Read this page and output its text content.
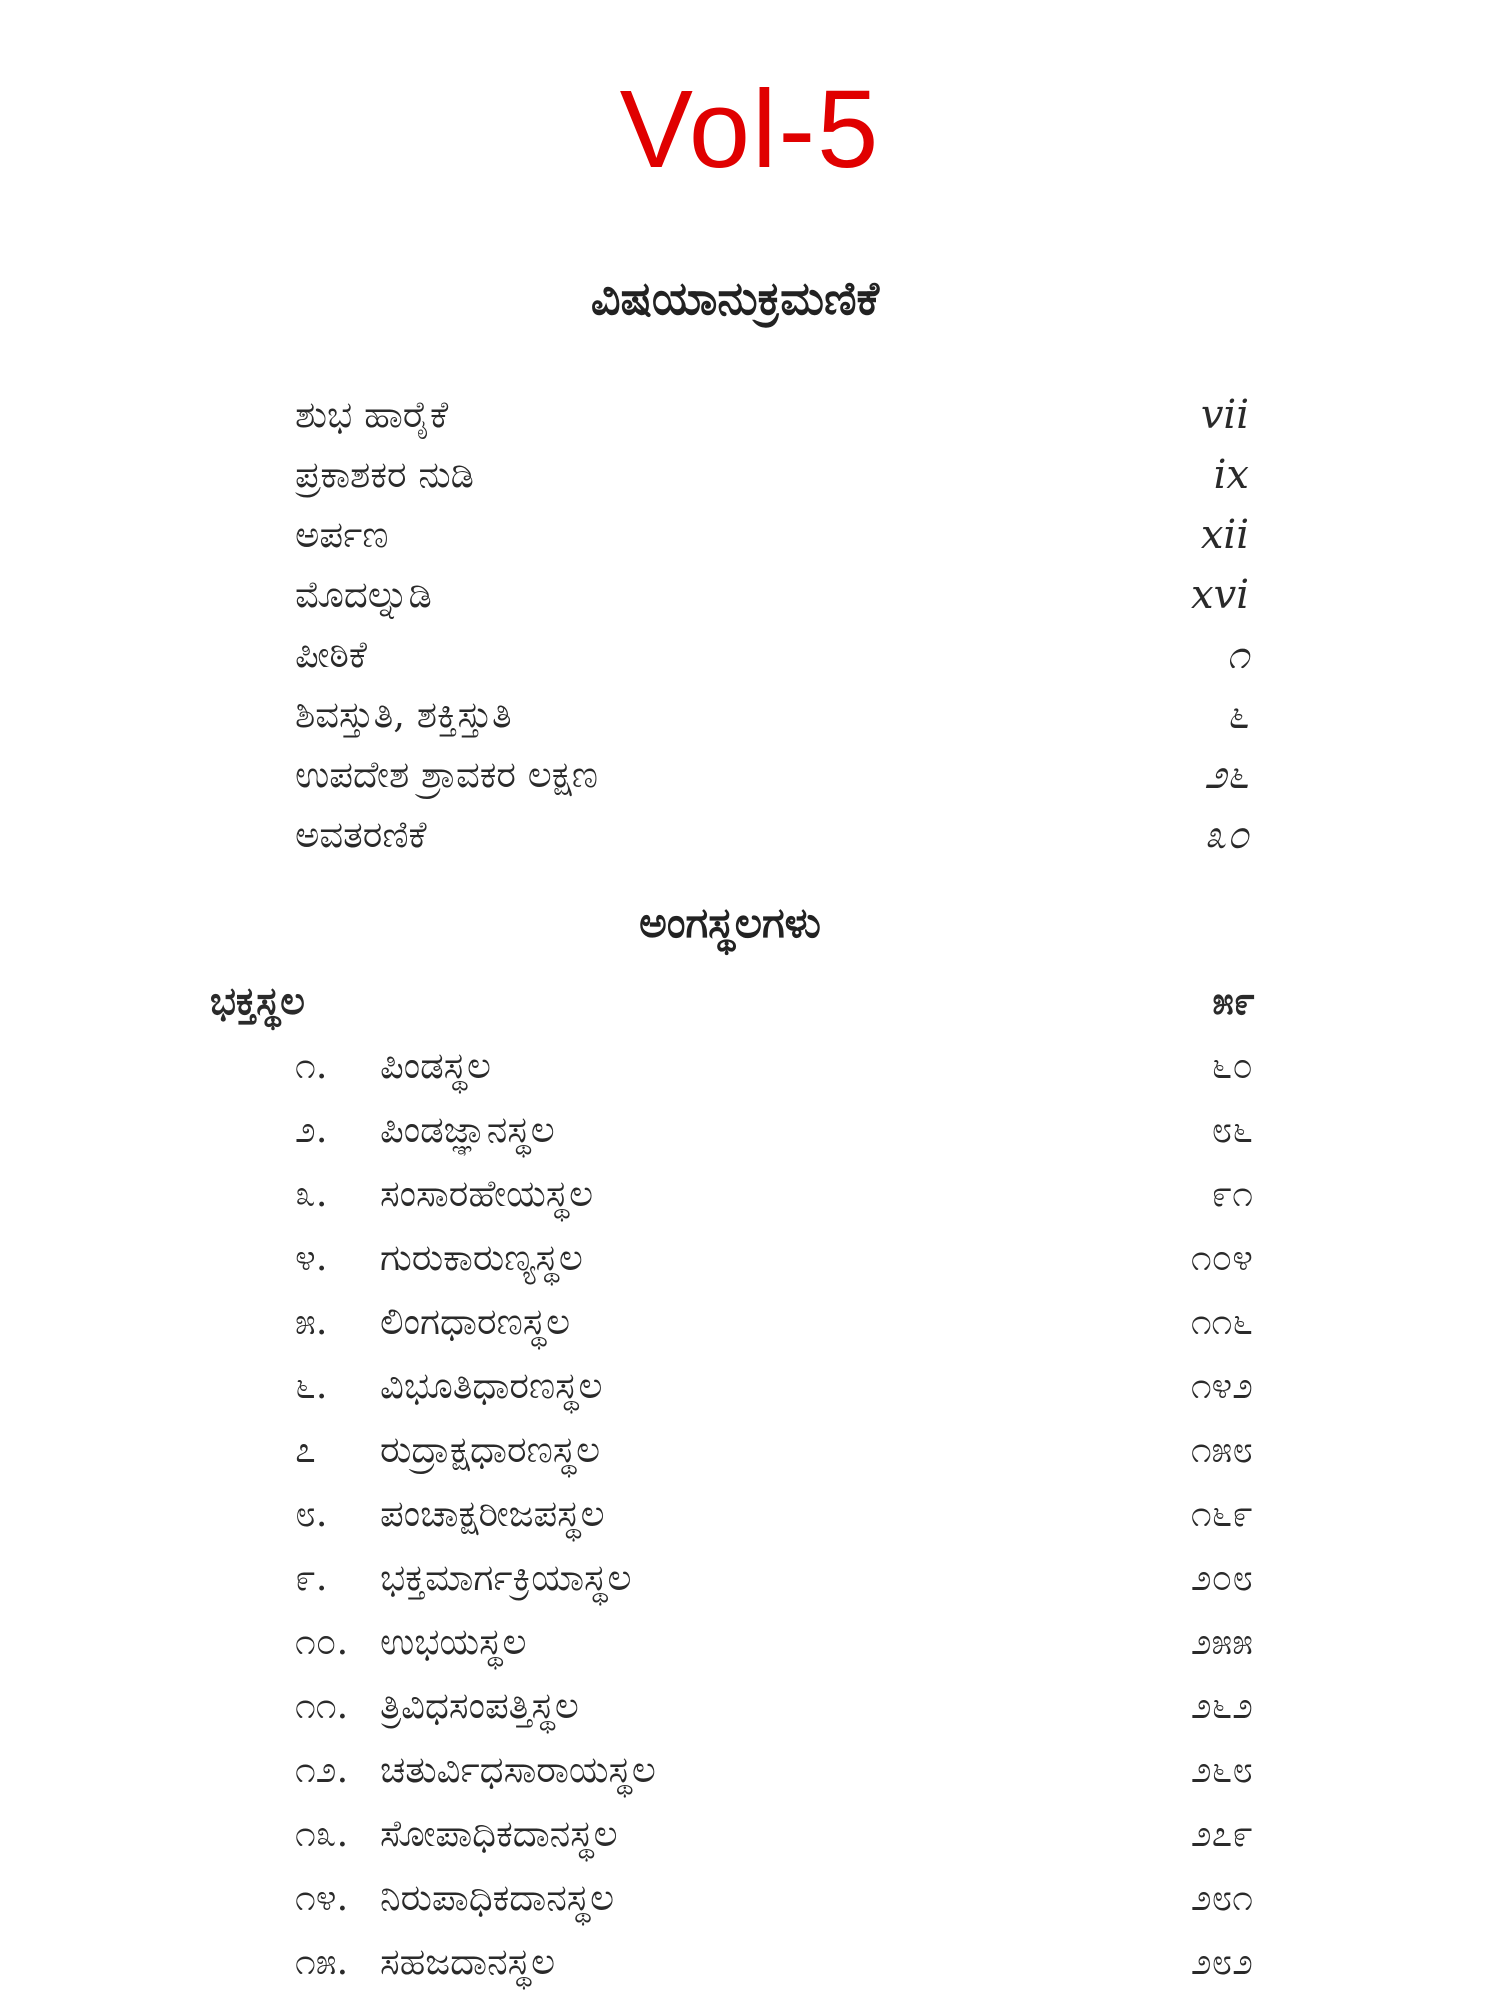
Vol-5
ವಿಷಯಾನುಕ್ರಮಣಿಕೆ
ಶುಭ ಹಾರೈಕೆ	vii
ಪ್ರಕಾಶಕರ ನುಡಿ	ix
ಅರ್ಪಣ	xii
ಮೊದಲ್ನುಡಿ	xvi
ಪೀಠಿಕೆ	೧
ಶಿವಸ್ತುತಿ, ಶಕ್ತಿಸ್ತುತಿ	೬
ಉಪದೇಶ ಶ್ರಾವಕರ ಲಕ್ಷಣ	೨೬
ಅವತರಣಿಕೆ	೩೦
ಅಂಗಸ್ಥಲಗಳು
ಭಕ್ತಸ್ಥಲ	೫೯
೧.	ಪಿಂಡಸ್ಥಲ	೬೦
೨.	ಪಿಂಡಜ್ಞಾನಸ್ಥಲ	೮೬
೩.	ಸಂಸಾರಹೇಯಸ್ಥಲ	೯೧
೪.	ಗುರುಕಾರುಣ್ಯಸ್ಥಲ	೧೦೪
೫.	ಲಿಂಗಧಾರಣಸ್ಥಲ	೧೧೬
೬.	ವಿಭೂತಿಧಾರಣಸ್ಥಲ	೧೪೨
೭	ರುದ್ರಾಕ್ಷಧಾರಣಸ್ಥಲ	೧೫೮
೮.	ಪಂಚಾಕ್ಷರೀಜಪಸ್ಥಲ	೧೬೯
೯.	ಭಕ್ತಮಾರ್ಗಕ್ರಿಯಾಸ್ಥಲ	೨೦೮
೧೦. ಉಭಯಸ್ಥಲ	೨೫೫
೧೧. ತ್ರಿವಿಧಸಂಪತ್ತಿಸ್ಥಲ	೨೬೨
೧೨. ಚತುರ್ವಿಧಸಾರಾಯಸ್ಥಲ	೨೬೮
೧೩. ಸೋಪಾಧಿಕದಾನಸ್ಥಲ	೨೭೯
೧೪. ನಿರುಪಾಧಿಕದಾನಸ್ಥಲ	೨೮೧
೧೫. ಸಹಜದಾನಸ್ಥಲ	೨೮೨
